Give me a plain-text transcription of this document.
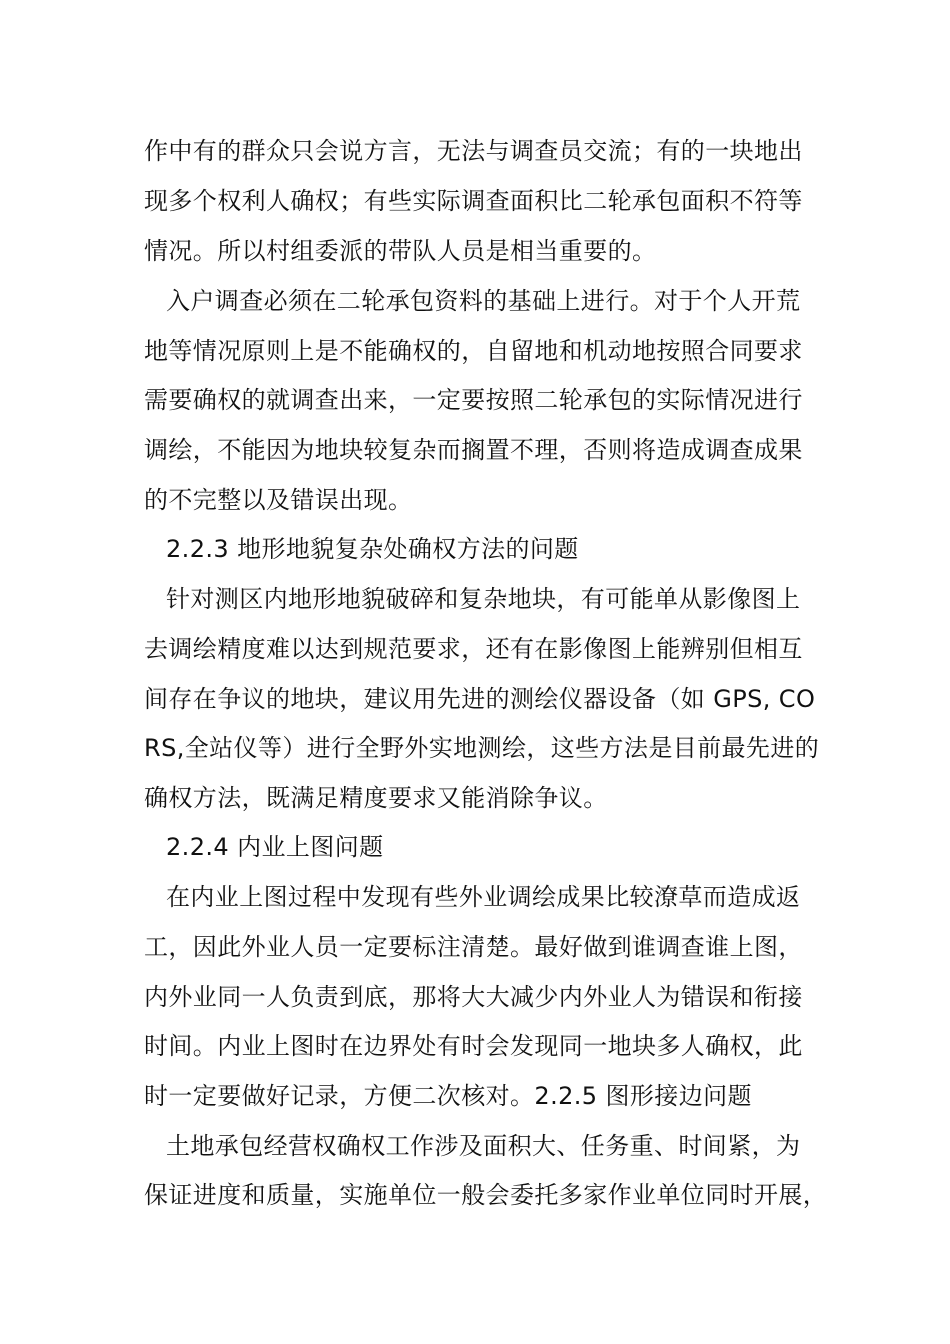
作中有的群众只会说方言，无法与调查员交流；有的一块地出
现多个权利人确权；有些实际调查面积比二轮承包面积不符等
情况。所以村组委派的带队人员是相当重要的。
入户调查必须在二轮承包资料的基础上进行。对于个人开荒
地等情况原则上是不能确权的，自留地和机动地按照合同要求
需要确权的就调查出来，一定要按照二轮承包的实际情况进行
调绘，不能因为地块较复杂而搁置不理，否则将造成调查成果
的不完整以及错误出现。
2.2.3 地形地貌复杂处确权方法的问题
针对测区内地形地貌破碎和复杂地块，有可能单从影像图上
去调绘精度难以达到规范要求，还有在影像图上能辨别但相互
间存在争议的地块，建议用先进的测绘仪器设备（如 GPS, CO
RS,全站仪等）进行全野外实地测绘，这些方法是目前最先进的
确权方法，既满足精度要求又能消除争议。
2.2.4 内业上图问题
在内业上图过程中发现有些外业调绘成果比较潦草而造成返
工，因此外业人员一定要标注清楚。最好做到谁调查谁上图，
内外业同一人负责到底，那将大大减少内外业人为错误和衔接
时间。内业上图时在边界处有时会发现同一地块多人确权，此
时一定要做好记录，方便二次核对。2.2.5 图形接边问题
土地承包经营权确权工作涉及面积大、任务重、时间紧，为
保证进度和质量，实施单位一般会委托多家作业单位同时开展，
